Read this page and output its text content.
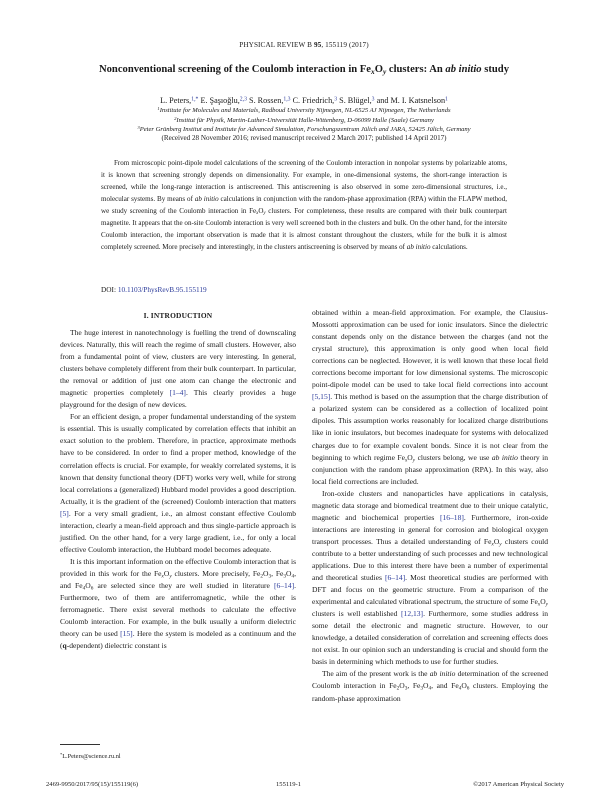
PHYSICAL REVIEW B 95, 155119 (2017)
Nonconventional screening of the Coulomb interaction in $Fe_xO_y$ clusters: An ab initio study
L. Peters,$^{1,*}$ E. Şaşıoğlu,$^{2,3}$ S. Rossen,$^{1,3}$ C. Friedrich,$^3$ S. Blügel,$^3$ and M. I. Katsnelson$^1$
$^1$Institute for Molecules and Materials, Radboud University Nijmegen, NL-6525 AJ Nijmegen, The Netherlands
$^2$Institut für Physik, Martin-Luther-Universität Halle-Wittenberg, D-06099 Halle (Saale) Germany
$^3$Peter Grünberg Institut and Institute for Advanced Simulation, Forschungszentrum Jülich and JARA, 52425 Jülich, Germany
(Received 28 November 2016; revised manuscript received 2 March 2017; published 14 April 2017)
From microscopic point-dipole model calculations of the screening of the Coulomb interaction in nonpolar systems by polarizable atoms, it is known that screening strongly depends on dimensionality. For example, in one-dimensional systems, the short-range interaction is screened, while the long-range interaction is antiscreened. This antiscreening is also observed in some zero-dimensional structures, i.e., molecular systems. By means of ab initio calculations in conjunction with the random-phase approximation (RPA) within the FLAPW method, we study screening of the Coulomb interaction in $Fe_xO_y$ clusters. For completeness, these results are compared with their bulk counterpart magnetite. It appears that the on-site Coulomb interaction is very well screened both in the clusters and bulk. On the other hand, for the intersite Coulomb interaction, the important observation is made that it is almost constant throughout the clusters, while for the bulk it is almost completely screened. More precisely and interestingly, in the clusters antiscreening is observed by means of ab initio calculations.
DOI: 10.1103/PhysRevB.95.155119
I. INTRODUCTION

The huge interest in nanotechnology is fuelling the trend of downscaling devices. Naturally, this will reach the regime of small clusters. However, also from a fundamental point of view, clusters are very interesting. In general, clusters behave completely different from their bulk counterpart. In particular, the removal or addition of just one atom can change the electronic and magnetic properties completely [1–4]. This clearly provides a huge playground for the design of new devices.

For an efficient design, a proper fundamental understanding of the system is essential. This is usually complicated by correlation effects that inhibit an exact solution to the problem. Therefore, in practice, approximate methods have to be considered. In order to find a proper method, knowledge of the correlation effects is crucial. For example, for weakly correlated systems, it is known that density functional theory (DFT) works very well, while for strong local correlations a (generalized) Hubbard model provides a good description. Actually, it is the gradient of the (screened) Coulomb interaction that matters [5]. For a very small gradient, i.e., an almost constant effective Coulomb interaction, clearly a mean-field approach and thus single-particle approach is justified. On the other hand, for a very large gradient, i.e., for only a local effective Coulomb interaction, the Hubbard model becomes adequate.

It is this important information on the effective Coulomb interaction that is provided in this work for the $Fe_xO_y$ clusters. More precisely, $Fe_2O_3$, $Fe_3O_4$, and $Fe_4O_6$ are selected since they are well studied in literature [6–14]. Furthermore, two of them are antiferromagnetic, while the other is ferromagnetic. There exist several methods to calculate the effective Coulomb interaction. For example, in the bulk usually a uniform dielectric theory can be used [15]. Here the system is modeled as a continuum and the (q-dependent) dielectric constant is

obtained within a mean-field approximation. For example, the Clausius-Mossotti approximation can be used for ionic insulators. Since the dielectric constant depends only on the distance between the charges (and not the crystal structure), this approximation is only good when local field corrections can be neglected. However, it is well known that these local field corrections become important for low dimensional systems. The microscopic point-dipole model can be used to take local field corrections into account [5,15]. This method is based on the assumption that the charge distribution of a polarized system can be considered as a collection of localized point dipoles. This assumption works reasonably for localized charge distributions like in ionic insulators, but becomes inadequate for systems with delocalized charges due to for example covalent bonds. Since it is not clear from the beginning to which regime $Fe_xO_y$ clusters belong, we use ab initio theory in conjunction with the random phase approximation (RPA). In this way, also local field corrections are included.

Iron-oxide clusters and nanoparticles have applications in catalysis, magnetic data storage and biomedical treatment due to their unique catalytic, magnetic and biochemical properties [16–18]. Furthermore, iron-oxide interactions are interesting in general for corrosion and biological oxygen transport processes. Thus a detailed understanding of $Fe_xO_y$ clusters could contribute to a better understanding of such processes and new technological applications. Due to this interest there have been a number of experimental and theoretical studies [6–14]. Most theoretical studies are performed with DFT and focus on the geometric structure. From a comparison of the experimental and calculated vibrational spectrum, the structure of some $Fe_xO_y$ clusters is well established [12,13]. Furthermore, some studies address in some detail the electronic and magnetic structure. However, to our knowledge, a detailed consideration of correlation and screening effects does not exist. In our opinion such an understanding is crucial and should form the basis in determining which methods to use for further studies.

The aim of the present work is the ab initio determination of the screened Coulomb interaction in $Fe_2O_3$, $Fe_3O_4$, and $Fe_4O_6$ clusters. Employing the random-phase approximation

*L.Peters@science.ru.nl
2469-9950/2017/95(15)/155119(6)	155119-1	©2017 American Physical Society
